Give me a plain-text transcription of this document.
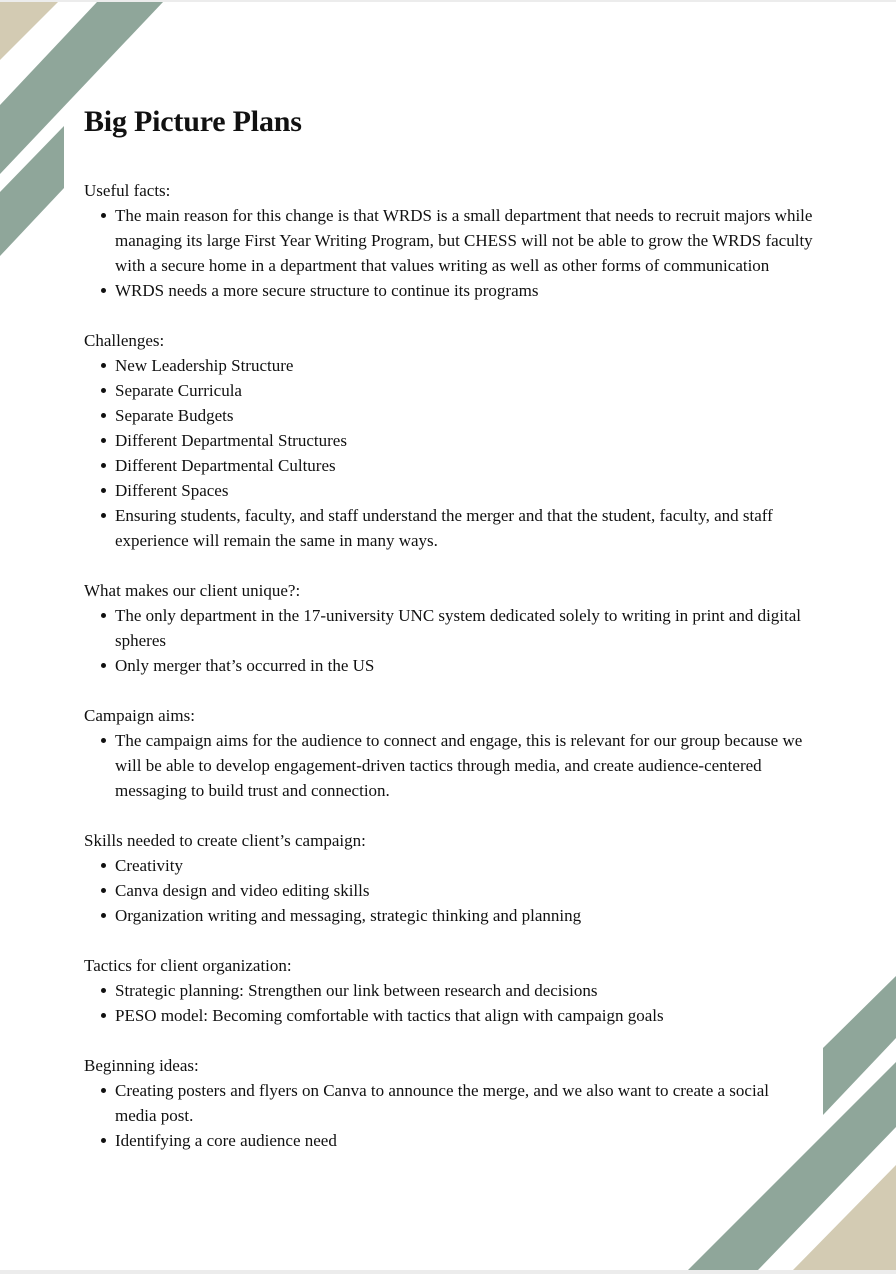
Big Picture Plans
Useful facts:
The main reason for this change is that WRDS is a small department that needs to recruit majors while managing its large First Year Writing Program, but CHESS will not be able to grow the WRDS faculty with a secure home in a department that values writing as well as other forms of communication
WRDS needs a more secure structure to continue its programs
Challenges:
New Leadership Structure
Separate Curricula
Separate Budgets
Different Departmental Structures
Different Departmental Cultures
Different Spaces
Ensuring students, faculty, and staff understand the merger and that the student, faculty, and staff experience will remain the same in many ways.
What makes our client unique?:
The only department in the 17-university UNC system dedicated solely to writing in print and digital spheres
Only merger that’s occurred in the US
Campaign aims:
The campaign aims for the audience to connect and engage, this is relevant for our group because we will be able to develop engagement-driven tactics through media, and create audience-centered messaging to build trust and connection.
Skills needed to create client’s campaign:
Creativity
Canva design and video editing skills
Organization writing and messaging, strategic thinking and planning
Tactics for client organization:
Strategic planning: Strengthen our link between research and decisions
PESO model: Becoming comfortable with tactics that align with campaign goals
Beginning ideas:
Creating posters and flyers on Canva to announce the merge, and we also want to create a social media post.
Identifying a core audience need
